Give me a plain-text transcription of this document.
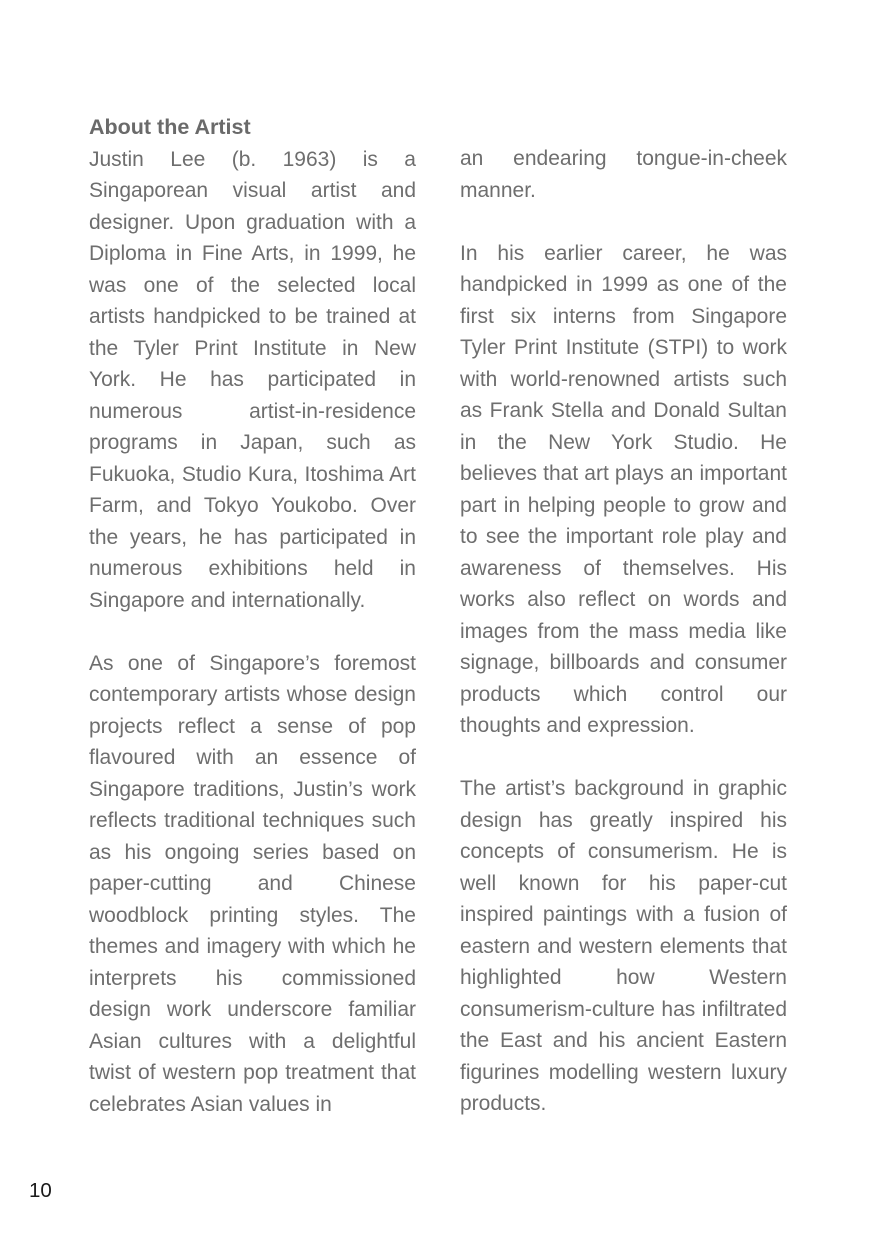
About the Artist

Justin Lee (b. 1963) is a Singaporean visual artist and designer. Upon graduation with a Diploma in Fine Arts, in 1999, he was one of the selected local artists handpicked to be trained at the Tyler Print Institute in New York. He has participated in numerous artist-in-residence programs in Japan, such as Fukuoka, Studio Kura, Itoshima Art Farm, and Tokyo Youkobo. Over the years, he has participated in numerous exhibitions held in Singapore and internationally.

As one of Singapore’s foremost contemporary artists whose design projects reflect a sense of pop flavoured with an essence of Singapore traditions, Justin’s work reflects traditional techniques such as his ongoing series based on paper-cutting and Chinese woodblock printing styles. The themes and imagery with which he interprets his commissioned design work underscore familiar Asian cultures with a delightful twist of western pop treatment that celebrates Asian values in

an endearing tongue-in-cheek manner.

In his earlier career, he was handpicked in 1999 as one of the first six interns from Singapore Tyler Print Institute (STPI) to work with world-renowned artists such as Frank Stella and Donald Sultan in the New York Studio. He believes that art plays an important part in helping people to grow and to see the important role play and awareness of themselves. His works also reflect on words and images from the mass media like signage, billboards and consumer products which control our thoughts and expression.

The artist’s background in graphic design has greatly inspired his concepts of consumerism. He is well known for his paper-cut inspired paintings with a fusion of eastern and western elements that highlighted how Western consumerism-culture has infiltrated the East and his ancient Eastern figurines modelling western luxury products.

10
